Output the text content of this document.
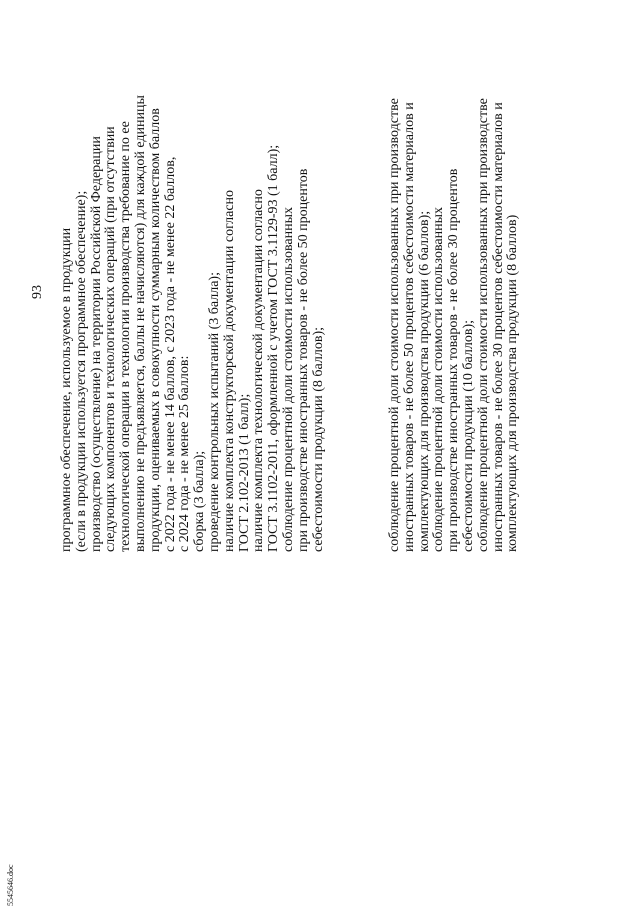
93 программное обеспечение, используемое в продукции (если в продукции используется программное обеспечение); производство (осуществление) на территории Российской Федерации следующих компонентов и технологических операций (при отсутствии технологической операции в технологии производства требование по ее выполнению не предъявляется, баллы не начисляются) для каждой единицы продукции, оцениваемых в совокупности суммарным количеством баллов с 2022 года - не менее 14 баллов, с 2023 года - не менее 22 баллов, с 2024 года - не менее 25 баллов: сборка (3 балла); проведение контрольных испытаний (3 балла); наличие комплекта конструкторской документации согласно ГОСТ 2.102-2013 (1 балл); наличие комплекта технологической документации согласно ГОСТ 3.1102-2011, оформленной с учетом ГОСТ 3.1129-93 (1 балл); соблюдение процентной доли стоимости использованных при производстве иностранных товаров - не более 50 процентов себестоимости продукции (8 баллов);	соблюдение процентной доли стоимости использованных при производстве иностранных товаров - не более 50 процентов себестоимости материалов и комплектующих для производства продукции (6 баллов); соблюдение процентной доли стоимости использованных при производстве иностранных товаров - не более 30 процентов себестоимости продукции (10 баллов); соблюдение процентной доли стоимости использованных при производстве иностранных товаров - не более 30 процентов себестоимости материалов и комплектующих для производства продукции (8 баллов)
5545646.doc
